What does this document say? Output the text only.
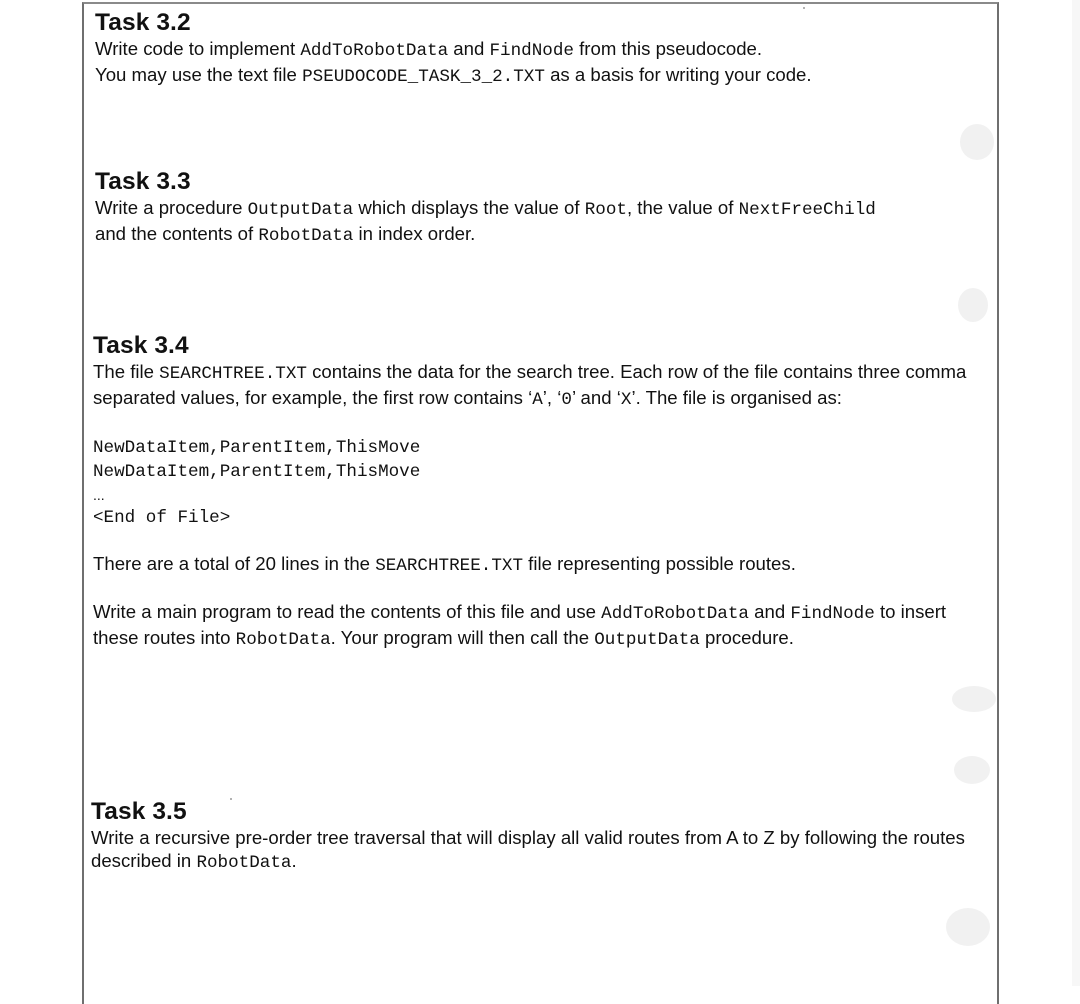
Task 3.2

Write code to implement AddToRobotData and FindNode from this pseudocode.
You may use the text file PSEUDOCODE_TASK_3_2.TXT as a basis for writing your code.

Task 3.3

Write a procedure OutputData which displays the value of Root, the value of NextFreeChild
and the contents of RobotData in index order.

Task 3.4

The file SEARCHTREE.TXT contains the data for the search tree. Each row of the file contains three comma separated values, for example, the first row contains ‘A’, ‘0’ and ‘X’. The file is organised as:

NewDataItem,ParentItem,ThisMove
NewDataItem,ParentItem,ThisMove
...
<End of File>

There are a total of 20 lines in the SEARCHTREE.TXT file representing possible routes.

Write a main program to read the contents of this file and use AddToRobotData and FindNode to insert these routes into RobotData. Your program will then call the OutputData procedure.

Task 3.5

Write a recursive pre-order tree traversal that will display all valid routes from A to Z by following the routes described in RobotData.
